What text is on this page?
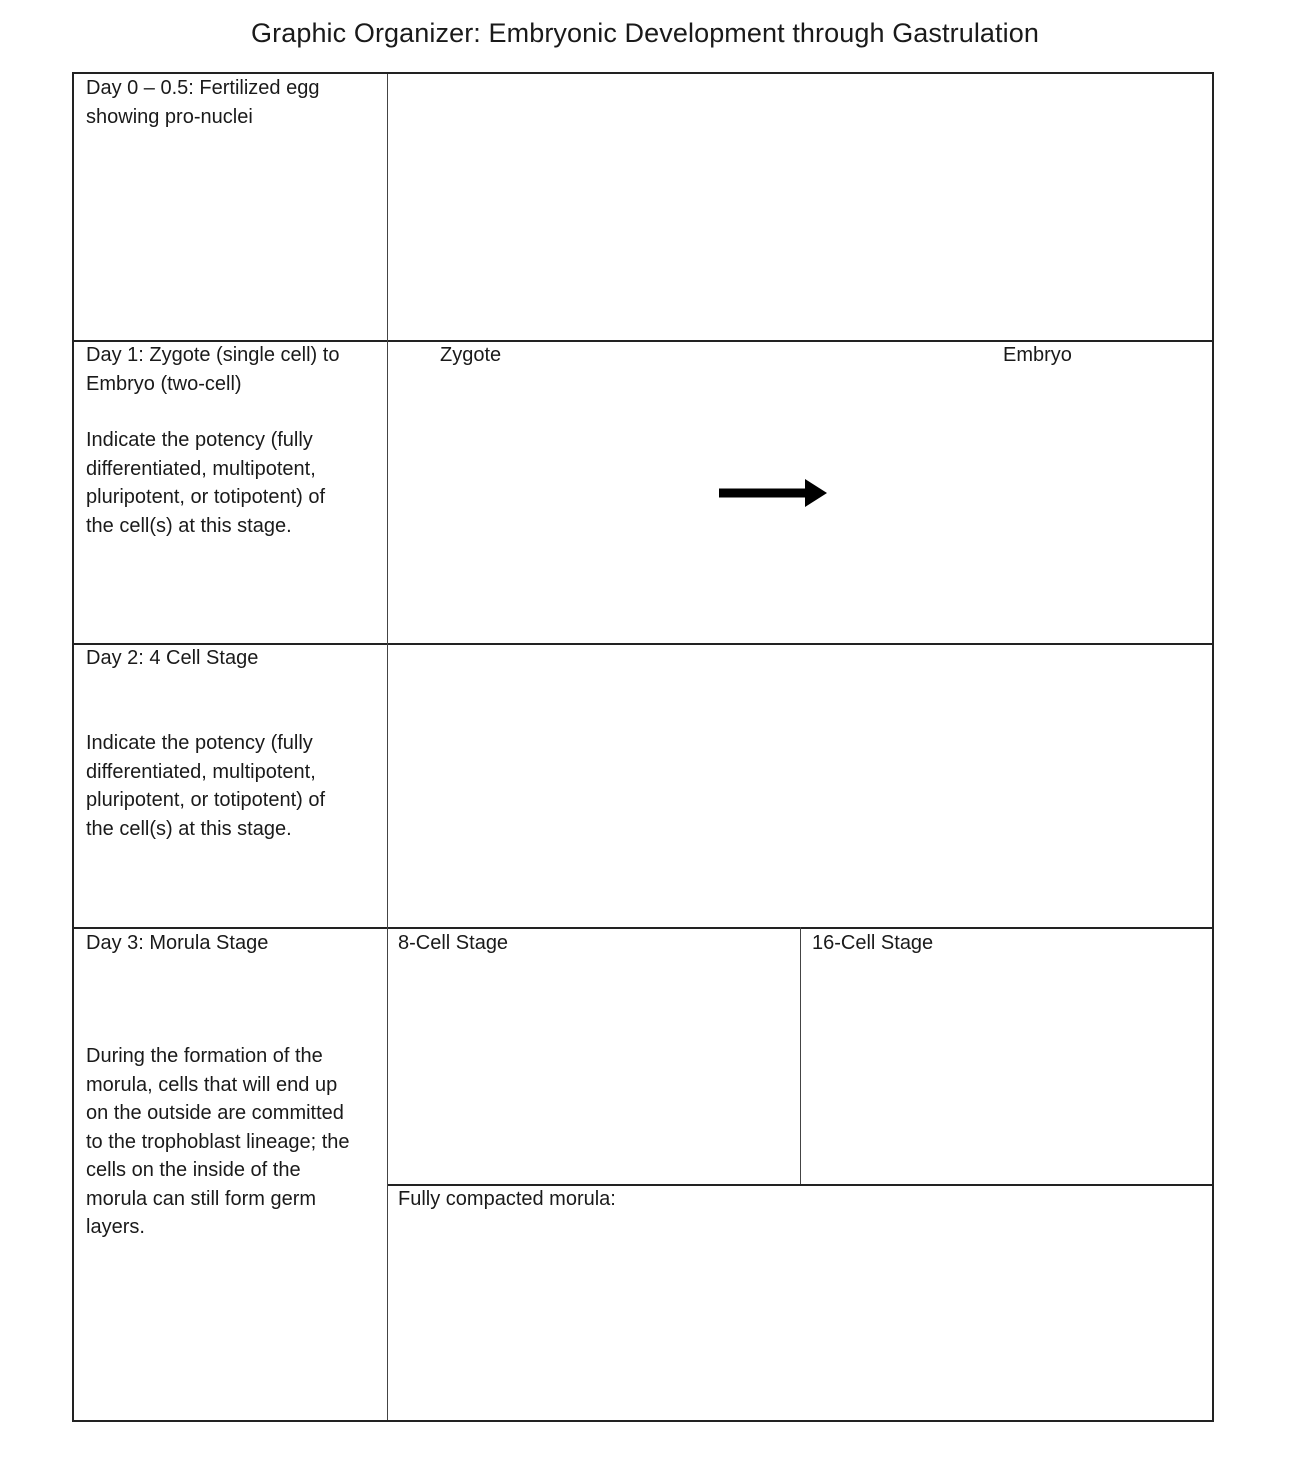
Graphic Organizer: Embryonic Development through Gastrulation
Day 0 – 0.5: Fertilized egg
showing pro-nuclei
Day 1: Zygote (single cell) to
Embryo (two-cell)
Indicate the potency (fully
differentiated, multipotent,
pluripotent, or totipotent) of
the cell(s) at this stage.
Zygote	Embryo
Day 2: 4 Cell Stage
Indicate the potency (fully
differentiated, multipotent,
pluripotent, or totipotent) of
the cell(s) at this stage.
Day 3: Morula Stage
During the formation of the
morula, cells that will end up
on the outside are committed
to the trophoblast lineage; the
cells on the inside of the
morula can still form germ
layers.
8-Cell Stage	16-Cell Stage
Fully compacted morula:
